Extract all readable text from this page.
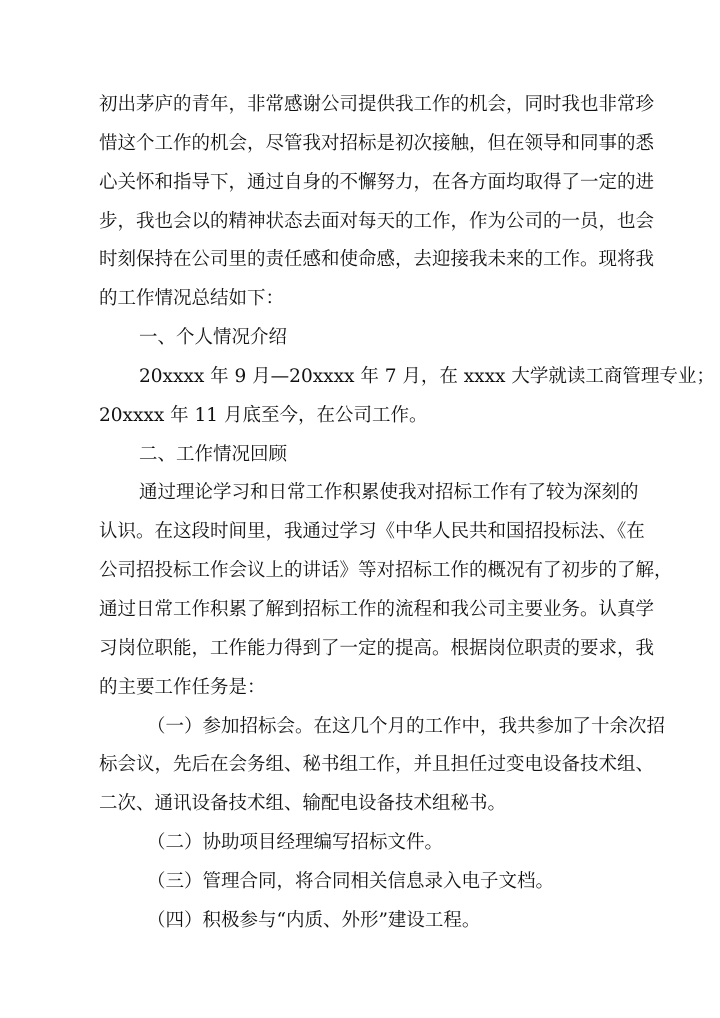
初出茅庐的青年，非常感谢公司提供我工作的机会，同时我也非常珍
惜这个工作的机会，尽管我对招标是初次接触，但在领导和同事的悉
心关怀和指导下，通过自身的不懈努力，在各方面均取得了一定的进
步，我也会以的精神状态去面对每天的工作，作为公司的一员，也会
时刻保持在公司里的责任感和使命感，去迎接我未来的工作。现将我
的工作情况总结如下：
一、个人情况介绍
20xxxx 年 9 月—20xxxx 年 7 月，在 xxxx 大学就读工商管理专业；
20xxxx 年 11 月底至今，在公司工作。
二、工作情况回顾
通过理论学习和日常工作积累使我对招标工作有了较为深刻的
认识。在这段时间里，我通过学习《中华人民共和国招投标法、《在
公司招投标工作会议上的讲话》等对招标工作的概况有了初步的了解，
通过日常工作积累了解到招标工作的流程和我公司主要业务。认真学
习岗位职能，工作能力得到了一定的提高。根据岗位职责的要求，我
的主要工作任务是：
（一）参加招标会。在这几个月的工作中，我共参加了十余次招
标会议，先后在会务组、秘书组工作，并且担任过变电设备技术组、
二次、通讯设备技术组、输配电设备技术组秘书。
（二）协助项目经理编写招标文件。
（三）管理合同，将合同相关信息录入电子文档。
（四）积极参与“内质、外形”建设工程。
